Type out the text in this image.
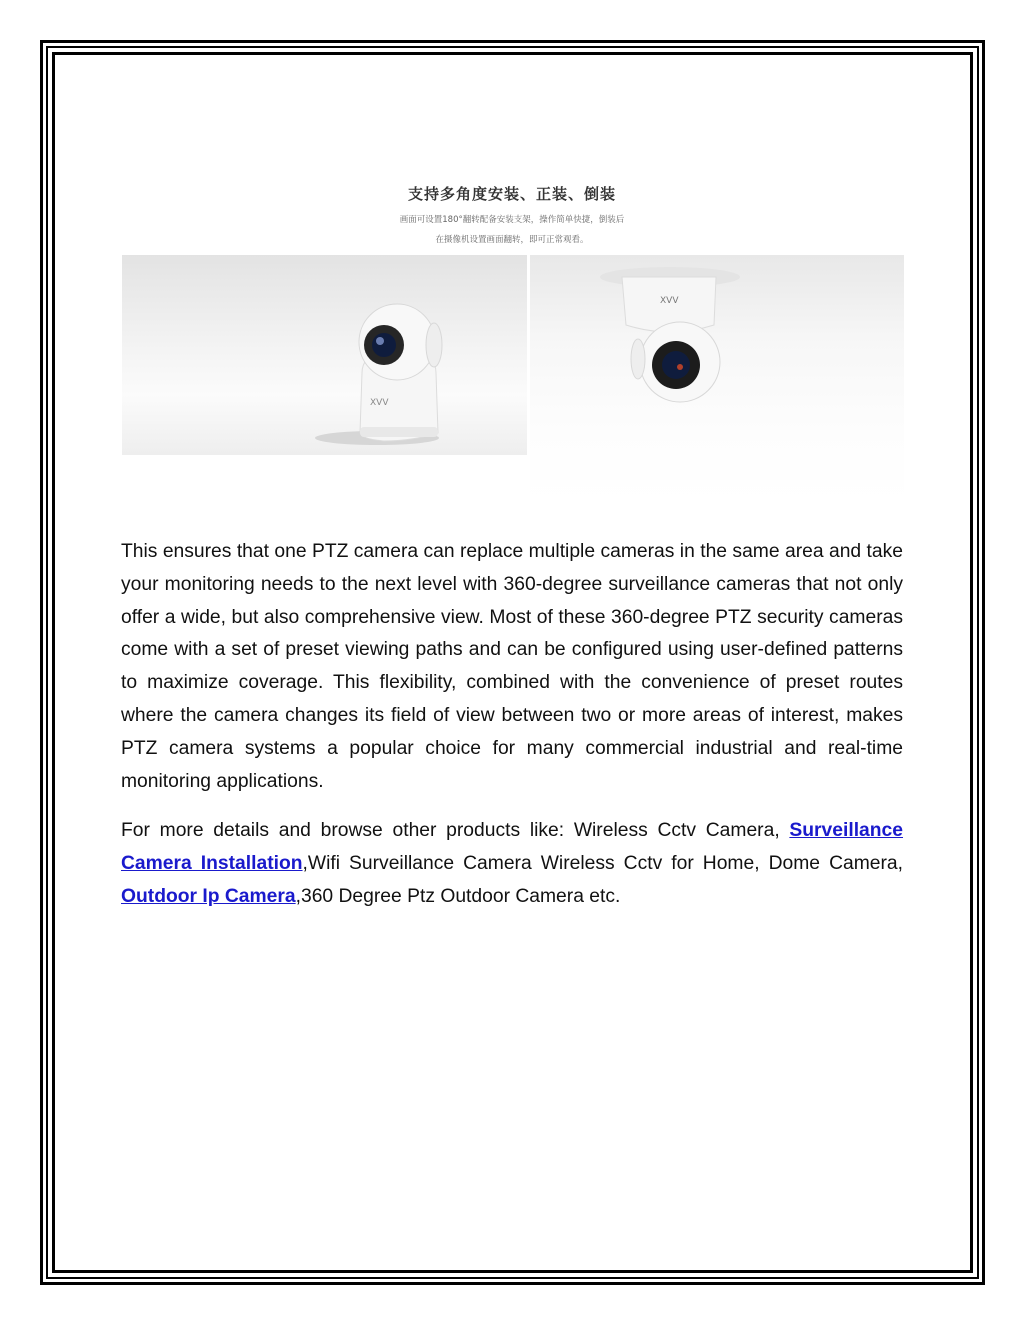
支持多角度安装、正装、倒装
画面可设置180°翻转配备安装支架，操作简单快捷，倒装后
在摄像机设置画面翻转，即可正常观看。
XVV
XVV

This ensures that one PTZ camera can replace multiple cameras in the same area and take your monitoring needs to the next level with 360-degree surveillance cameras that not only offer a wide, but also comprehensive view. Most of these 360-degree PTZ security cameras come with a set of preset viewing paths and can be configured using user-defined patterns to maximize coverage. This flexibility, combined with the convenience of preset routes where the camera changes its field of view between two or more areas of interest, makes PTZ camera systems a popular choice for many commercial industrial and real-time monitoring applications.

For more details and browse other products like: Wireless Cctv Camera, Surveillance Camera Installation,Wifi Surveillance Camera Wireless Cctv for Home, Dome Camera, Outdoor Ip Camera,360 Degree Ptz Outdoor Camera etc.
